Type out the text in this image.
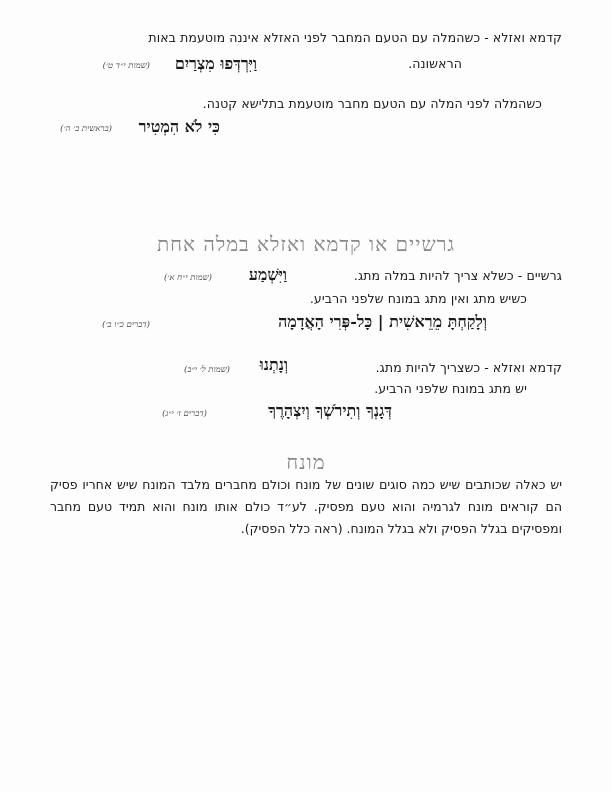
קדמא ואזלא - כשהמלה עם הטעם המחבר לפני האזלא איננה מוטעמת באות
הראשונה.
וַיִּרְדְּפוּ מִצְרַיִם
(שמות י״ד ט׳)
כשהמלה לפני המלה עם הטעם מחבר מוטעמת בתלישא קטנה.
כִּי לֹא הִמְטִיר
(בראשית ב׳ ה׳)
גרשיים או קדמא ואזלא במלה אחת
גרשיים - כשלא צריך להיות במלה מתג.
וַיִּשְׁמַע
(שמות י״ח א׳)
כשיש מתג ואין מתג במונח שלפני הרביע.
וְלָקַחְתָּ מֵרֵאשִׁית | כָּל-פְּרִי הָאֲדָמָה
(דברים כ״ו ב׳)
קדמא ואזלא - כשצריך להיות מתג.
וְנָתְנוּ
(שמות ל׳ י״ב)
יש מתג במונח שלפני הרביע.
דְּגָנְךָ וְתִירֹשְׁךָ וְיִצְהָרֶךָ
(דברים ז׳ י״ג)
מונח
יש כאלה שכותבים שיש כמה סוגים שונים של מונח וכולם מחברים מלבד המונח שיש אחריו פסיק הם קוראים מונח לגרמיה והוא טעם מפסיק. לע״ד כולם אותו מונח והוא תמיד טעם מחבר ומפסיקים בגלל הפסיק ולא בגלל המונח. (ראה כלל הפסיק).
